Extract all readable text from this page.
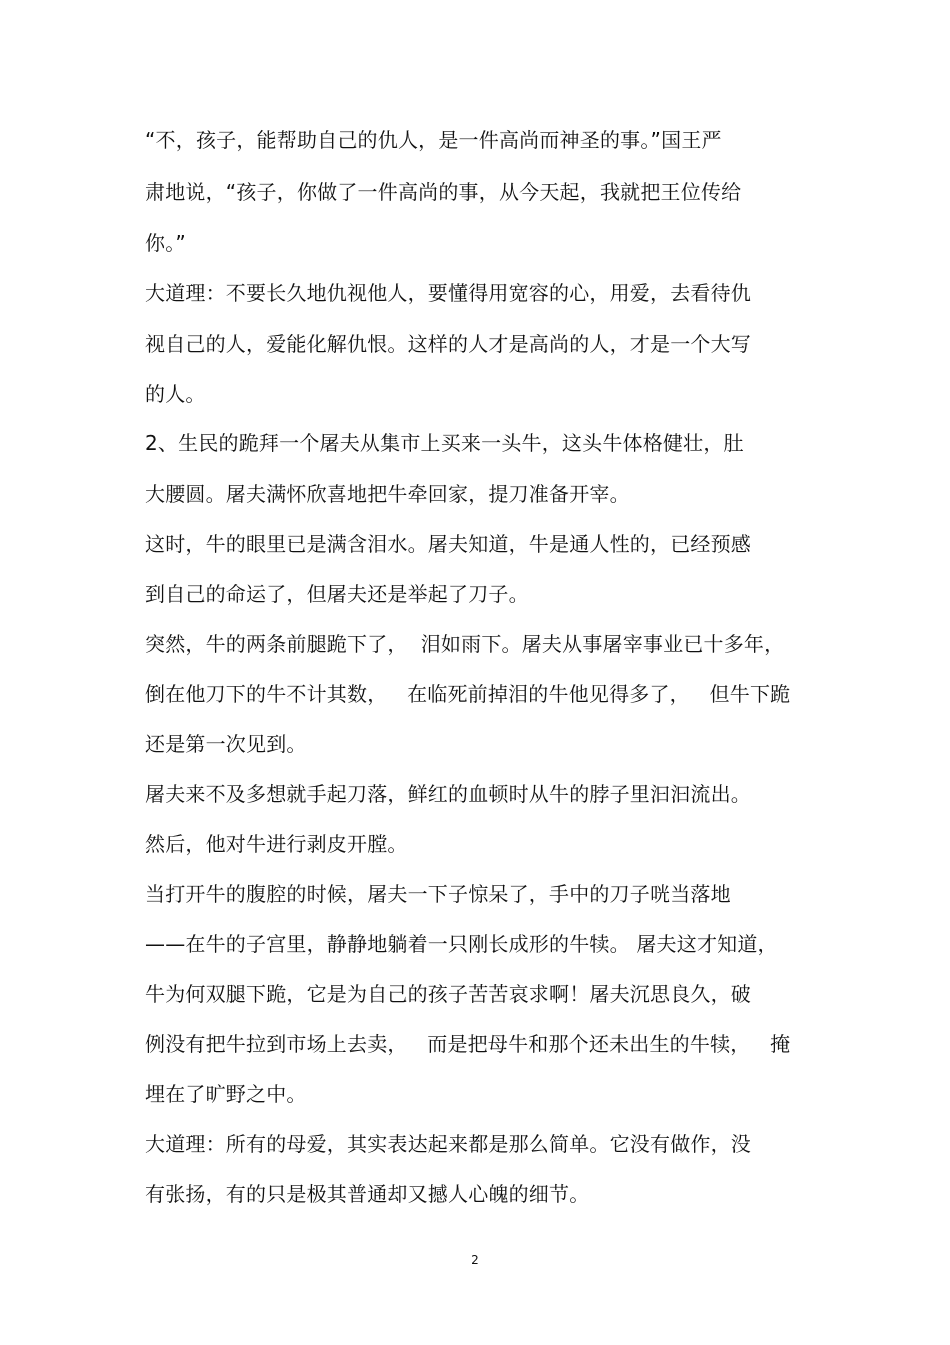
“不，孩子，能帮助自己的仇人，是一件高尚而神圣的事。”国王严
肃地说，“孩子，你做了一件高尚的事，从今天起，我就把王位传给
你。”
大道理：不要长久地仇视他人，要懂得用宽容的心，用爱，去看待仇
视自己的人，爱能化解仇恨。这样的人才是高尚的人，才是一个大写
的人。
2、生民的跪拜一个屠夫从集市上买来一头牛，这头牛体格健壮，肚
大腰圆。屠夫满怀欣喜地把牛牵回家，提刀准备开宰。
这时，牛的眼里已是满含泪水。屠夫知道，牛是通人性的，已经预感
到自己的命运了，但屠夫还是举起了刀子。
突然，牛的两条前腿跪下了，  泪如雨下。屠夫从事屠宰事业已十多年，
倒在他刀下的牛不计其数，   在临死前掉泪的牛他见得多了，   但牛下跪
还是第一次见到。
屠夫来不及多想就手起刀落，鲜红的血顿时从牛的脖子里汩汩流出。
然后，他对牛进行剥皮开膛。
当打开牛的腹腔的时候，屠夫一下子惊呆了，手中的刀子咣当落地
——在牛的子宫里，静静地躺着一只刚长成形的牛犊。 屠夫这才知道，
牛为何双腿下跪，它是为自己的孩子苦苦哀求啊！屠夫沉思良久，破
例没有把牛拉到市场上去卖，   而是把母牛和那个还未出生的牛犊，   掩
埋在了旷野之中。
大道理：所有的母爱，其实表达起来都是那么简单。它没有做作，没
有张扬，有的只是极其普通却又撼人心魄的细节。
2
